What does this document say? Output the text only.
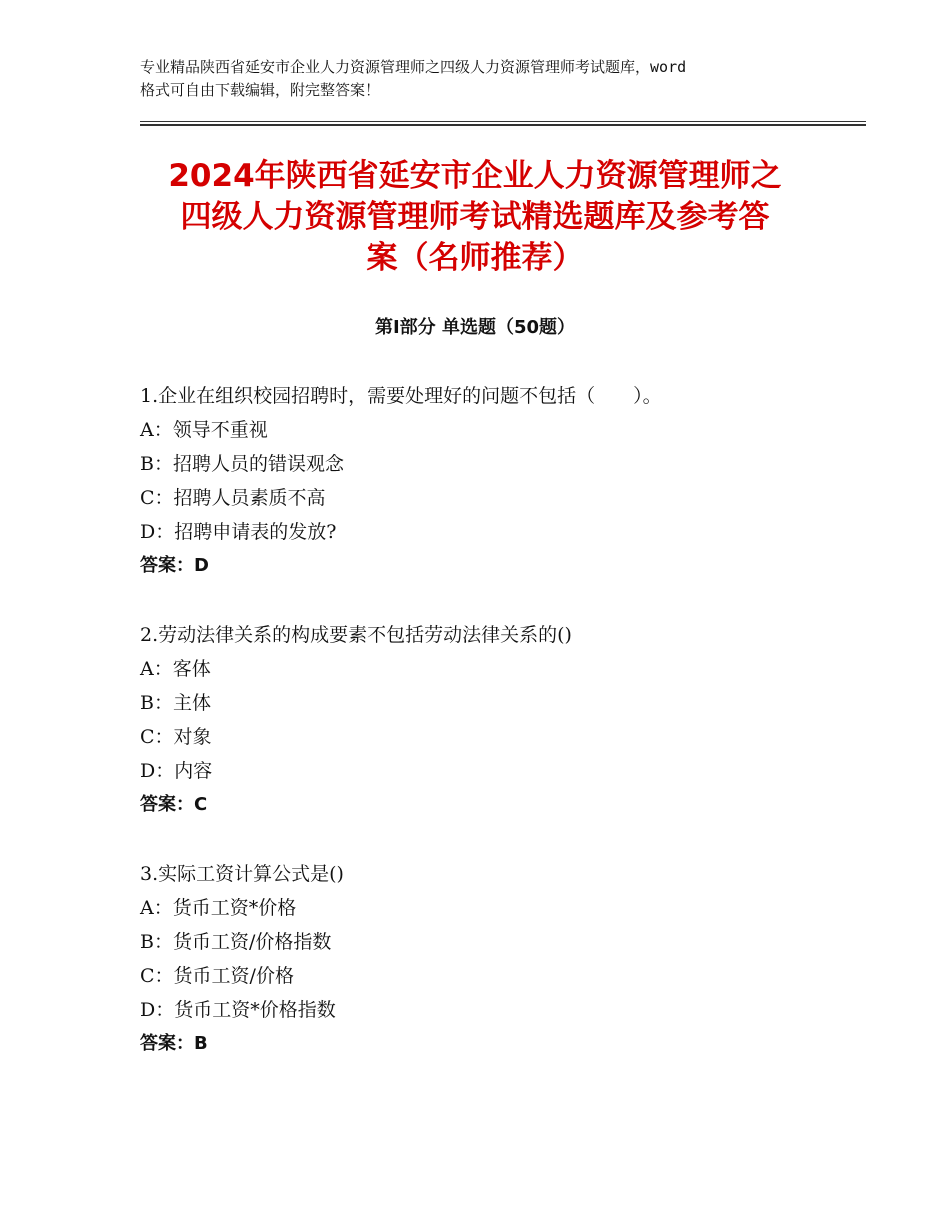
专业精品陕西省延安市企业人力资源管理师之四级人力资源管理师考试题库，word
格式可自由下载编辑，附完整答案！
2024年陕西省延安市企业人力资源管理师之
四级人力资源管理师考试精选题库及参考答
案（名师推荐）
第Ⅰ部分 单选题（50题）
1.企业在组织校园招聘时，需要处理好的问题不包括（　　）。
A：领导不重视
B：招聘人员的错误观念
C：招聘人员素质不高
D：招聘申请表的发放?
答案：D
2.劳动法律关系的构成要素不包括劳动法律关系的()
A：客体
B：主体
C：对象
D：内容
答案：C
3.实际工资计算公式是()
A：货币工资*价格
B：货币工资/价格指数
C：货币工资/价格
D：货币工资*价格指数
答案：B
